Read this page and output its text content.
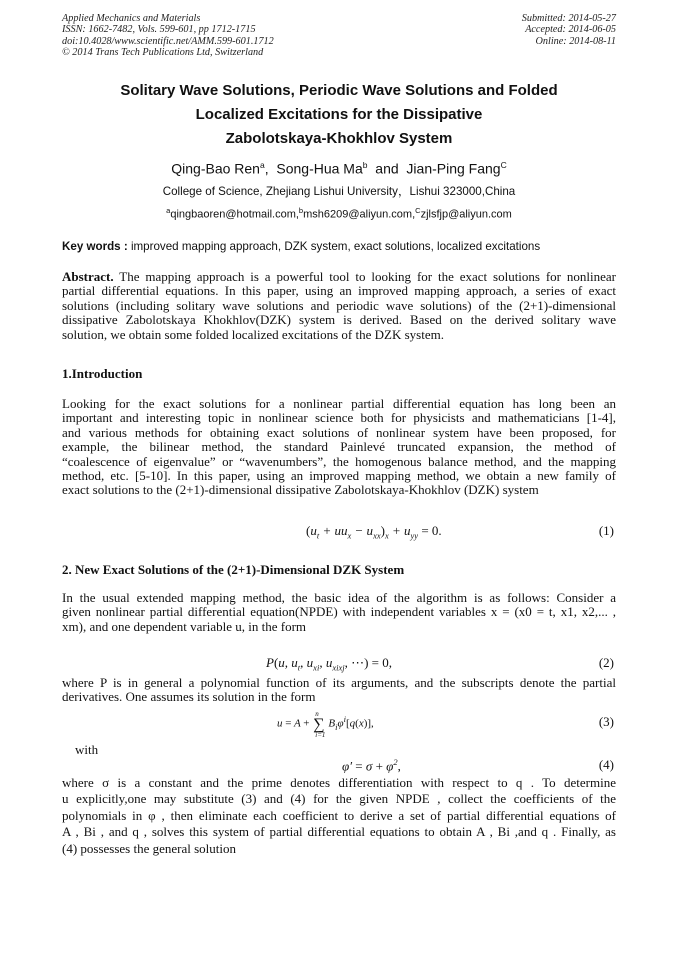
Applied Mechanics and Materials
ISSN: 1662-7482, Vols. 599-601, pp 1712-1715
doi:10.4028/www.scientific.net/AMM.599-601.1712
© 2014 Trans Tech Publications Ltd, Switzerland
Submitted: 2014-05-27
Accepted: 2014-06-05
Online: 2014-08-11
Solitary Wave Solutions, Periodic Wave Solutions and Folded
Localized Excitations for the Dissipative
Zabolotskaya-Khokhlov System
Qing-Bao Ren$^a$,  Song-Hua Ma$^b$ and Jian-Ping Fang$^C$
College of Science, Zhejiang Lishui University，Lishui 323000,China
$^a$qingbaoren@hotmail.com,$^b$msh6209@aliyun.com,$^C$zjlsfjp@aliyun.com
Key words : improved mapping approach, DZK system, exact solutions, localized excitations
Abstract. The mapping approach is a powerful tool to looking for the exact solutions for nonlinear
partial differential equations. In this paper, using an improved mapping approach, a series of exact
solutions (including solitary wave solutions and periodic wave solutions) of the (2+1)-dimensional
dissipative Zabolotskaya Khokhlov(DZK) system is derived. Based on the derived solitary wave
solution, we obtain some folded localized excitations of the DZK system.
1.Introduction
Looking for the exact solutions for a nonlinear partial differential equation has long been an
important and interesting topic in nonlinear science both for physicists and mathematicians [1-4],
and various methods for obtaining exact solutions of nonlinear system have been proposed, for
example, the bilinear method, the standard Painlevé truncated expansion, the method of
“coalescence of eigenvalue” or “wavenumbers”, the homogenous balance method, and the mapping
method, etc. [5-10]. In this paper, using an improved mapping method, we obtain a new family of
exact solutions to the (2+1)-dimensional dissipative Zabolotskaya-Khokhlov (DZK) system
$(u_t + uu_x - u_{xx})_x + u_{yy} = 0$.	(1)
2. New Exact Solutions of the (2+1)-Dimensional DZK System
In the usual extended mapping method, the basic idea of the algorithm is as follows: Consider a
given nonlinear partial differential equation(NPDE) with independent variables x = (x0 = t, x1, x2,... ,
xm), and one dependent variable u, in the form
P(u, $u_t$, $u_{xi}$, $u_{xixj}$, ⋯) = 0,	(2)
where P is in general a polynomial function of its arguments, and the subscripts denote the partial
derivatives. One assumes its solution in the form
u = A + ∑
n
i=1
$B_i\varphi^i[q(x)]$,	(3)
with
$\varphi' = \sigma + \varphi^2$,	(4)
where σ is a constant and the prime denotes differentiation with respect to q . To determine
u explicitly,one may substitute (3) and (4) for the given NPDE , collect the coefficients of the
polynomials in φ , then eliminate each coefficient to derive a set of partial differential equations of
A , Bi , and q , solves this system of partial differential equations to obtain A , Bi ,and q . Finally, as
(4) possesses the general solution
